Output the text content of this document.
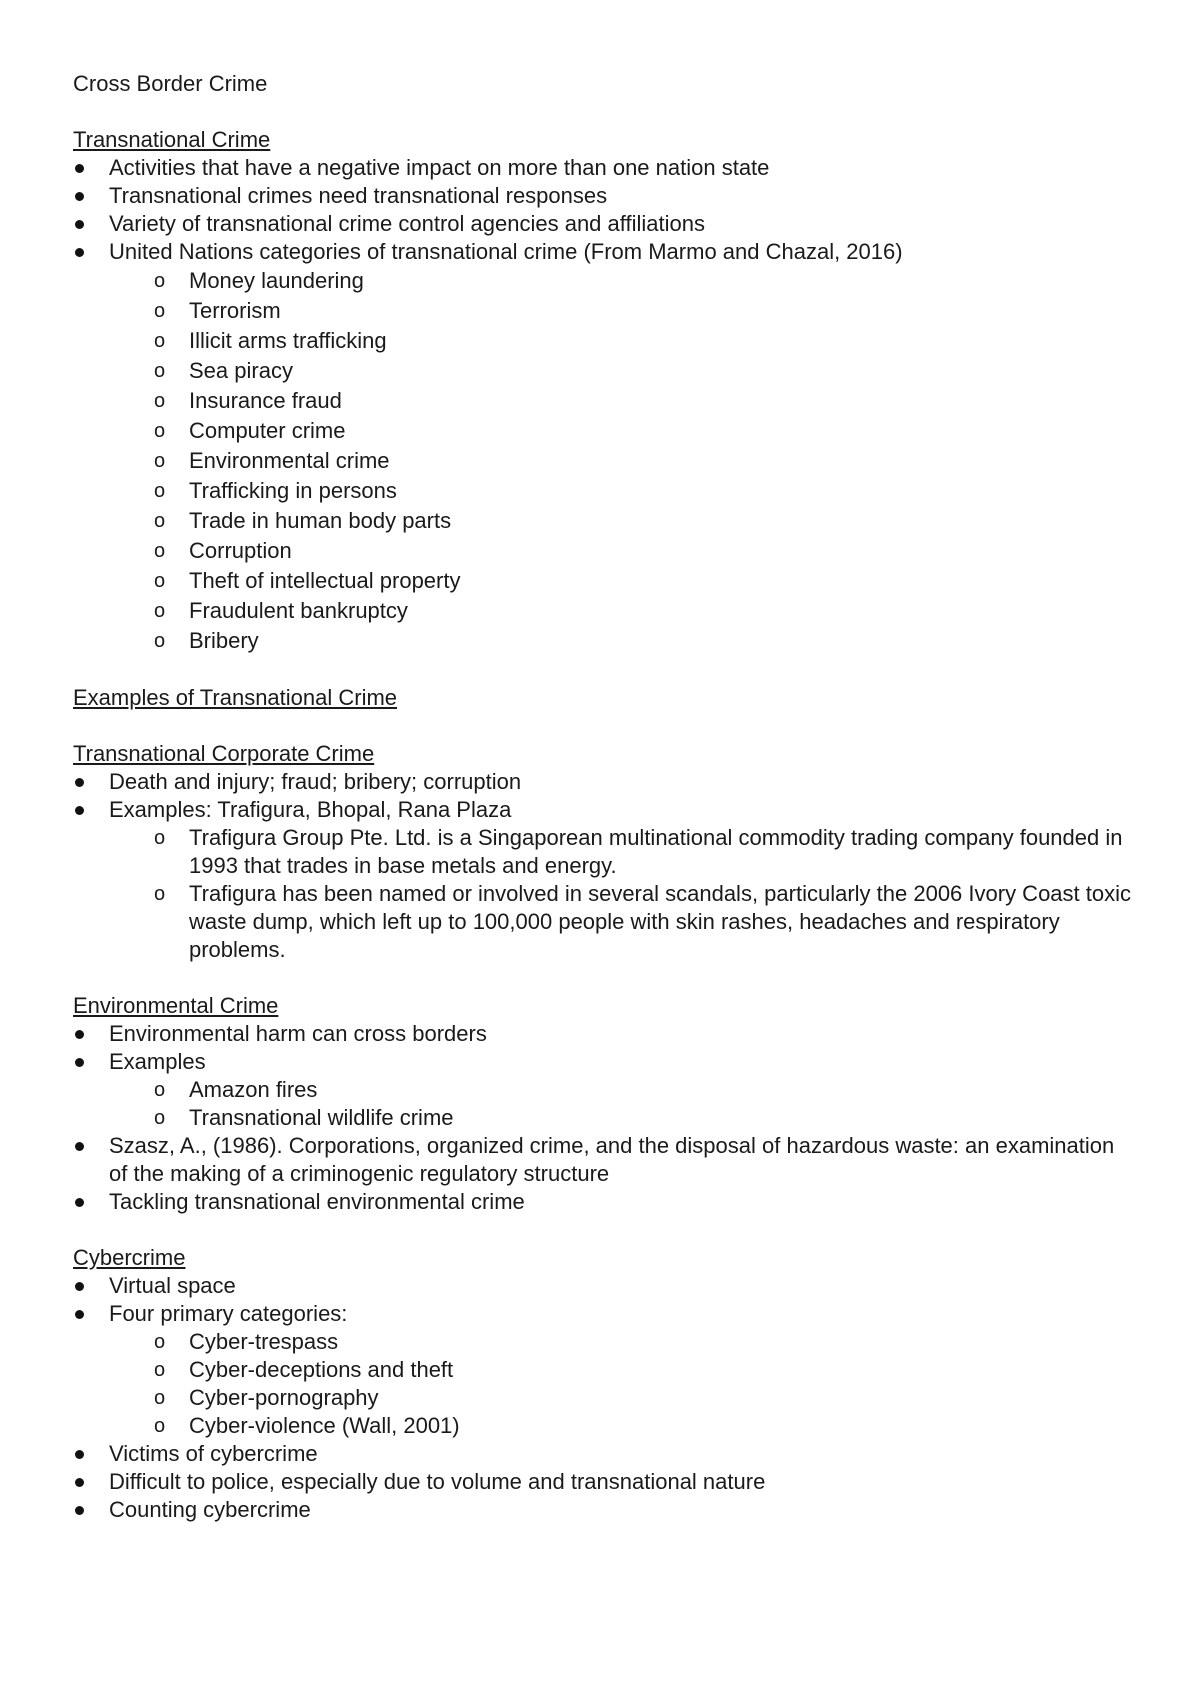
Cross Border Crime
Transnational Crime
Activities that have a negative impact on more than one nation state
Transnational crimes need transnational responses
Variety of transnational crime control agencies and affiliations
United Nations categories of transnational crime (From Marmo and Chazal, 2016)
o Money laundering
o Terrorism
o Illicit arms trafficking
o Sea piracy
o Insurance fraud
o Computer crime
o Environmental crime
o Trafficking in persons
o Trade in human body parts
o Corruption
o Theft of intellectual property
o Fraudulent bankruptcy
o Bribery
Examples of Transnational Crime
Transnational Corporate Crime
Death and injury; fraud; bribery; corruption
Examples: Trafigura, Bhopal, Rana Plaza
o Trafigura Group Pte. Ltd. is a Singaporean multinational commodity trading company founded in 1993 that trades in base metals and energy.
o Trafigura has been named or involved in several scandals, particularly the 2006 Ivory Coast toxic waste dump, which left up to 100,000 people with skin rashes, headaches and respiratory problems.
Environmental Crime
Environmental harm can cross borders
Examples
o Amazon fires
o Transnational wildlife crime
Szasz, A., (1986). Corporations, organized crime, and the disposal of hazardous waste: an examination of the making of a criminogenic regulatory structure
Tackling transnational environmental crime
Cybercrime
Virtual space
Four primary categories:
o Cyber-trespass
o Cyber-deceptions and theft
o Cyber-pornography
o Cyber-violence (Wall, 2001)
Victims of cybercrime
Difficult to police, especially due to volume and transnational nature
Counting cybercrime
